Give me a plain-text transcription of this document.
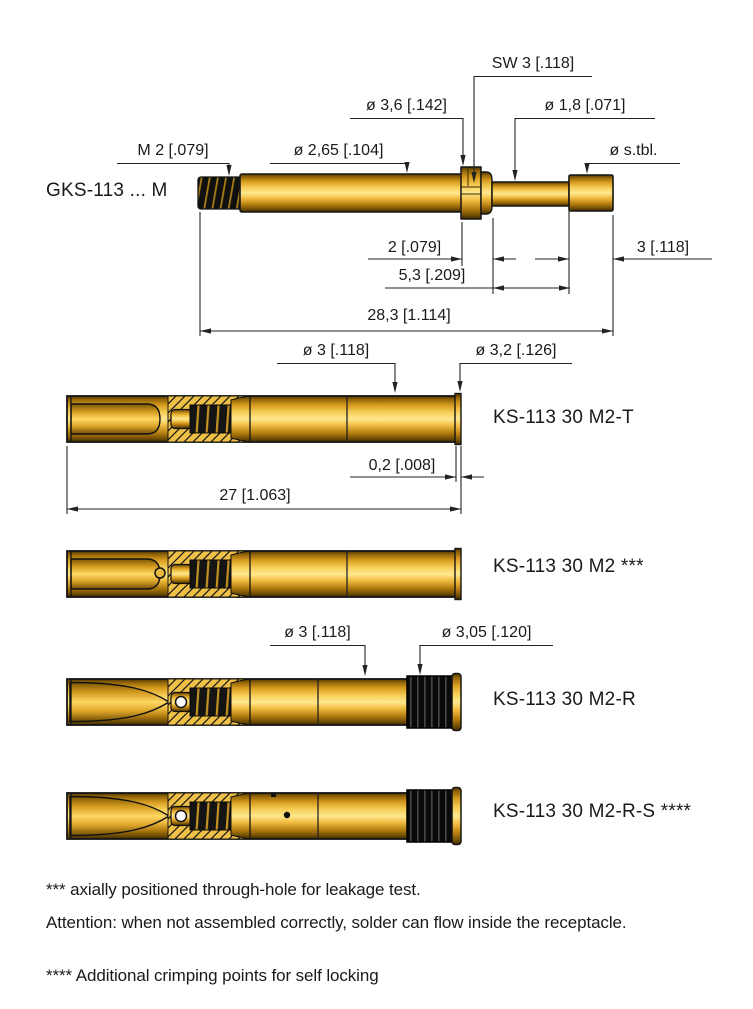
GKS-113 ... M
M 2 [.079]	ø 2,65 [.104]
ø 3,6 [.142]
SW 3 [.118]
ø 1,8 [.071]
ø s.tbl.
2 [.079]	3 [.118]
5,3 [.209]
28,3 [1.114]
ø 3 [.118]	ø 3,2 [.126]
KS-113 30 M2-T
0,2 [.008]
27 [1.063]
KS-113 30 M2 ***
ø 3 [.118]	ø 3,05 [.120]
KS-113 30 M2-R
KS-113 30 M2-R-S ****
*** axially positioned through-hole for leakage test.
Attention: when not assembled correctly, solder can flow inside the receptacle.
**** Additional crimping points for self locking
